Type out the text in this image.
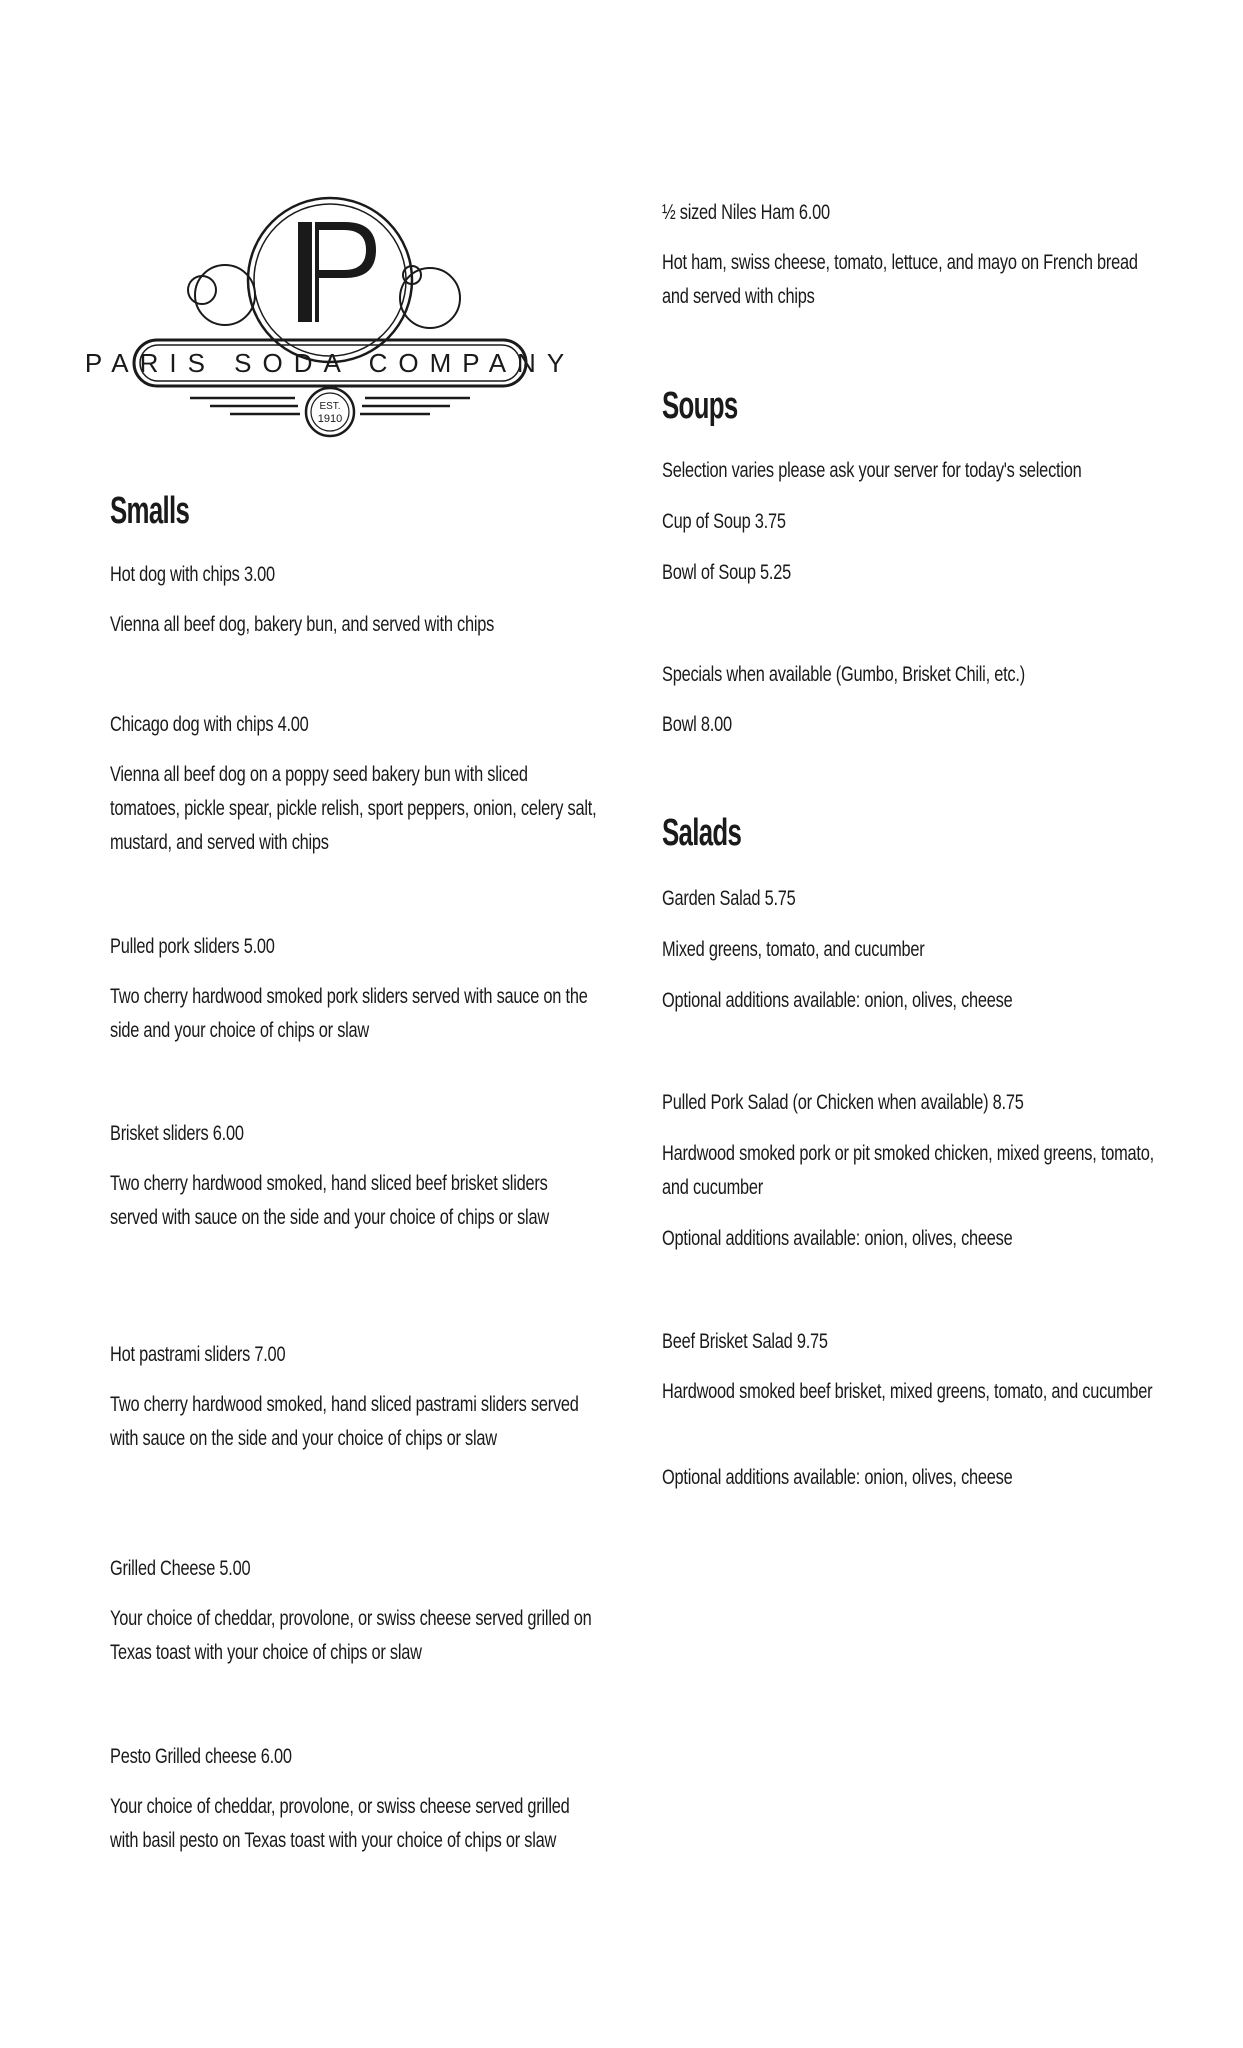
PARIS SODA COMPANY
EST.
1910
Smalls

Hot dog with chips 3.00

Vienna all beef dog, bakery bun, and served with chips

Chicago dog with chips 4.00

Vienna all beef dog on a poppy seed bakery bun with sliced tomatoes, pickle spear, pickle relish, sport peppers, onion, celery salt, mustard, and served with chips

Pulled pork sliders 5.00

Two cherry hardwood smoked pork sliders served with sauce on the side and your choice of chips or slaw

Brisket sliders 6.00

Two cherry hardwood smoked, hand sliced beef brisket sliders served with sauce on the side and your choice of chips or slaw

Hot pastrami sliders 7.00

Two cherry hardwood smoked, hand sliced pastrami sliders served with sauce on the side and your choice of chips or slaw

Grilled Cheese 5.00

Your choice of cheddar, provolone, or swiss cheese served grilled on Texas toast with your choice of chips or slaw

Pesto Grilled cheese 6.00

Your choice of cheddar, provolone, or swiss cheese served grilled with basil pesto on Texas toast with your choice of chips or slaw

½ sized Niles Ham 6.00

Hot ham, swiss cheese, tomato, lettuce, and mayo on French bread and served with chips

Soups

Selection varies please ask your server for today's selection

Cup of Soup 3.75

Bowl of Soup 5.25

Specials when available (Gumbo, Brisket Chili, etc.)

Bowl 8.00

Salads

Garden Salad 5.75

Mixed greens, tomato, and cucumber

Optional additions available: onion, olives, cheese

Pulled Pork Salad (or Chicken when available) 8.75

Hardwood smoked pork or pit smoked chicken, mixed greens, tomato, and cucumber

Optional additions available: onion, olives, cheese

Beef Brisket Salad 9.75

Hardwood smoked beef brisket, mixed greens, tomato, and cucumber

Optional additions available: onion, olives, cheese
